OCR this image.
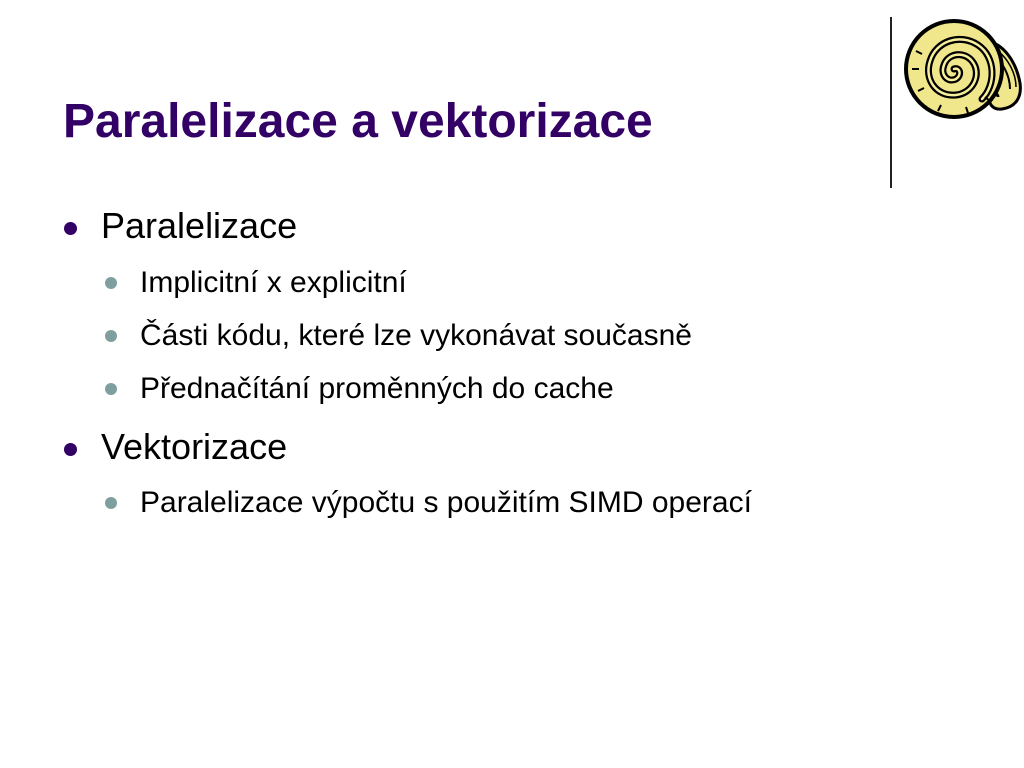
Paralelizace a vektorizace
Paralelizace
Implicitní x explicitní
Části kódu, které lze vykonávat současně
Přednačítání proměnných do cache
Vektorizace
Paralelizace výpočtu s použitím SIMD operací
